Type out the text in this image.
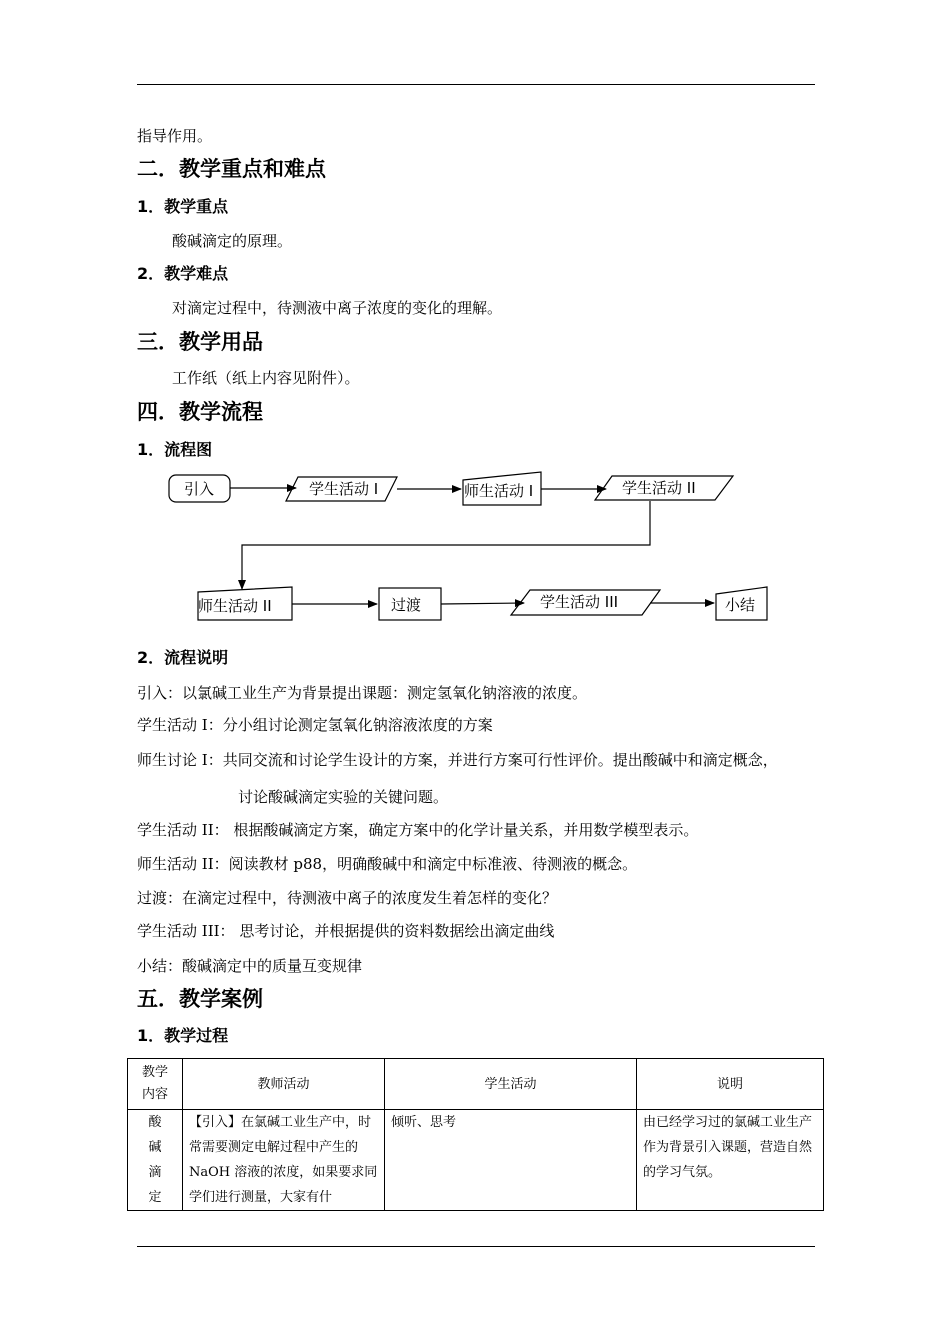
指导作用。
二．教学重点和难点
1．教学重点
酸碱滴定的原理。
2．教学难点
对滴定过程中，待测液中离子浓度的变化的理解。
三．教学用品
工作纸（纸上内容见附件）。
四．教学流程
1．流程图
引入	学生活动 I	师生活动 I	学生活动 II
师生活动 II	过渡	学生活动 III	小结
2．流程说明
引入：以氯碱工业生产为背景提出课题：测定氢氧化钠溶液的浓度。
学生活动 I：分小组讨论测定氢氧化钠溶液浓度的方案
师生讨论 I：共同交流和讨论学生设计的方案，并进行方案可行性评价。提出酸碱中和滴定概念，
讨论酸碱滴定实验的关键问题。
学生活动 II： 根据酸碱滴定方案，确定方案中的化学计量关系，并用数学模型表示。
师生活动 II：阅读教材 p88，明确酸碱中和滴定中标准液、待测液的概念。
过渡：在滴定过程中，待测液中离子的浓度发生着怎样的变化？
学生活动 III： 思考讨论，并根据提供的资料数据绘出滴定曲线
小结：酸碱滴定中的质量互变规律
五．教学案例
1．教学过程
教学
内容	教师活动	学生活动	说明
酸
碱
滴
定	【引入】在氯碱工业生产中，时常需要测定电解过程中产生的 NaOH 溶液的浓度，如果要求同学们进行测量，大家有什	倾听、思考	由已经学习过的氯碱工业生产作为背景引入课题，营造自然的学习气氛。
